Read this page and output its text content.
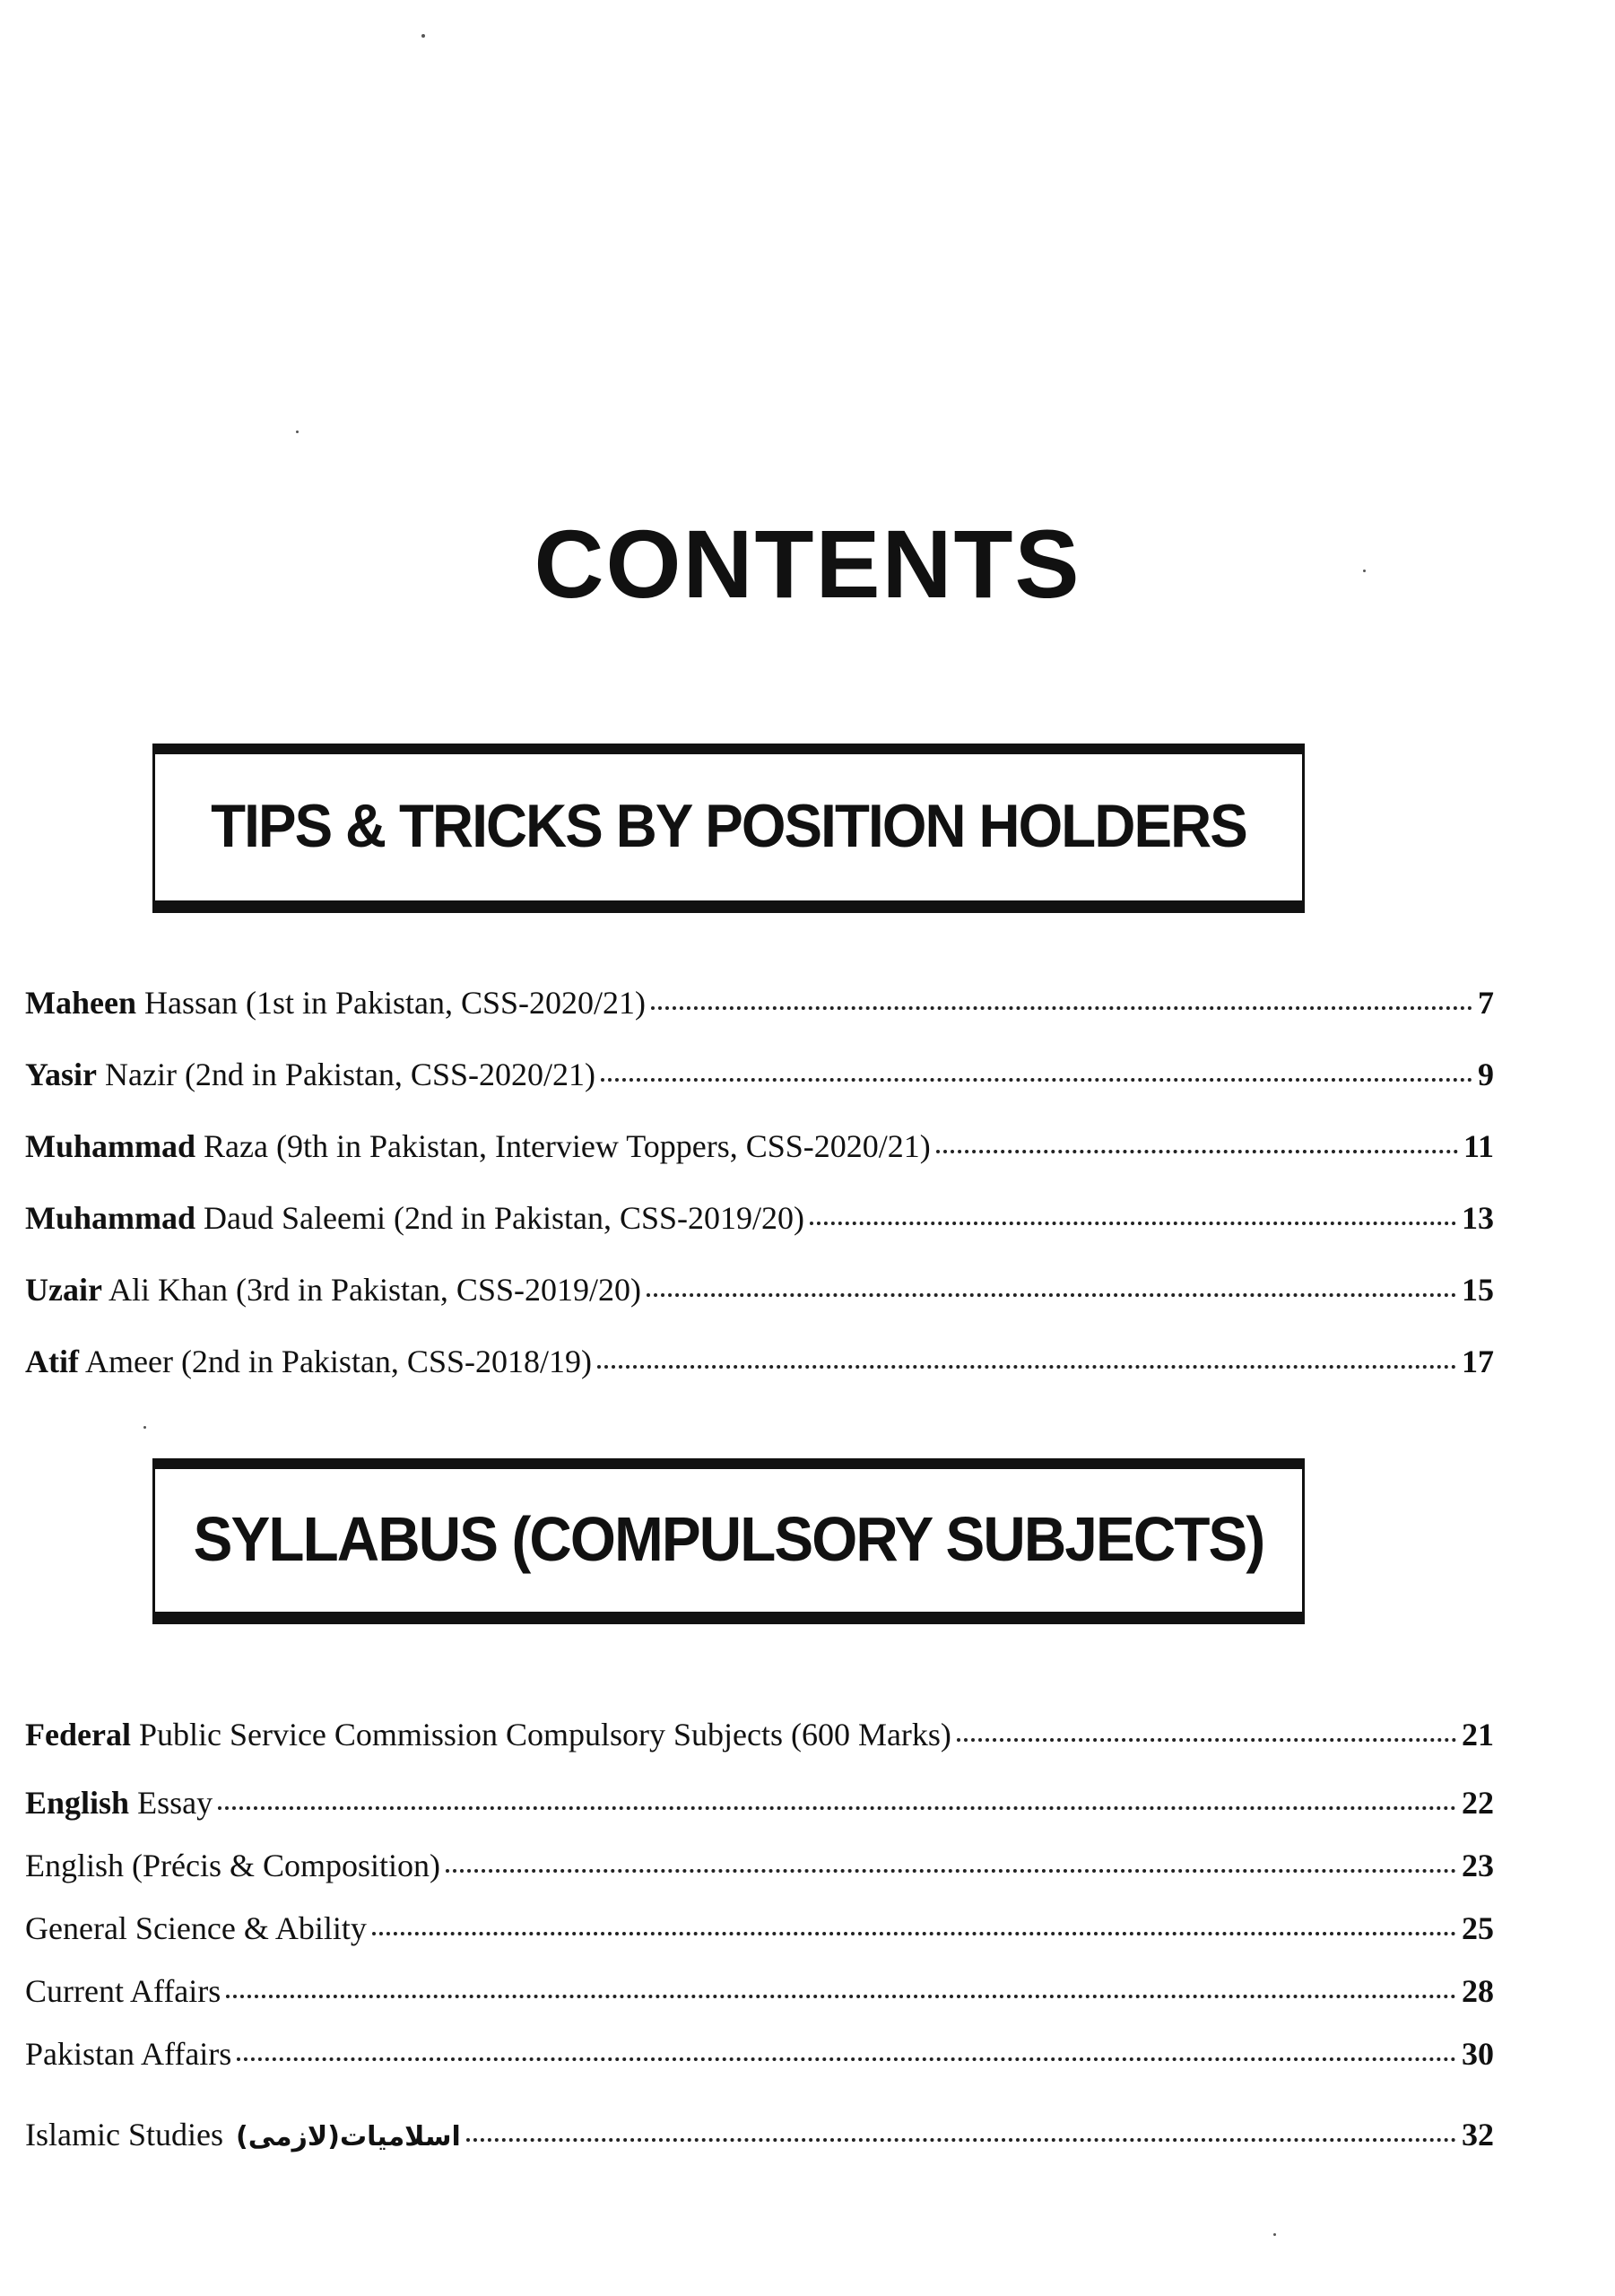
CONTENTS
TIPS & TRICKS BY POSITION HOLDERS
Maheen Hassan (1st in Pakistan, CSS-2020/21)	7
Yasir Nazir (2nd in Pakistan, CSS-2020/21)	9
Muhammad Raza (9th in Pakistan, Interview Toppers, CSS-2020/21)	11
Muhammad Daud Saleemi (2nd in Pakistan, CSS-2019/20)	13
Uzair Ali Khan (3rd in Pakistan, CSS-2019/20)	15
Atif Ameer (2nd in Pakistan, CSS-2018/19)	17
SYLLABUS (COMPULSORY SUBJECTS)
Federal Public Service Commission Compulsory Subjects (600 Marks)	21
English Essay	22
English (Précis & Composition)	23
General Science & Ability	25
Current Affairs	28
Pakistan Affairs	30
Islamic Studies اسلامیات(لازمی)	32
